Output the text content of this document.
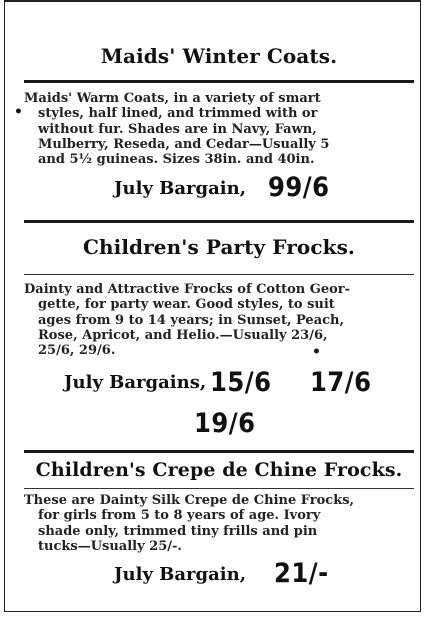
Maids' Winter Coats.
Maids' Warm Coats, in a variety of smart
styles, half lined, and trimmed with or
without fur. Shades are in Navy, Fawn,
Mulberry, Reseda, and Cedar—Usually 5
and 5½ guineas. Sizes 38in. and 40in.
•
July Bargain, 99/6
Children's Party Frocks.
Dainty and Attractive Frocks of Cotton Geor-
gette, for party wear. Good styles, to suit
ages from 9 to 14 years; in Sunset, Peach,
Rose, Apricot, and Helio.—Usually 23/6,
25/6, 29/6.	•
July Bargains, 15/6 17/6
19/6
Children's Crepe de Chine Frocks.
These are Dainty Silk Crepe de Chine Frocks,
for girls from 5 to 8 years of age. Ivory
shade only, trimmed tiny frills and pin
tucks—Usually 25/-.
July Bargain, 21/-
